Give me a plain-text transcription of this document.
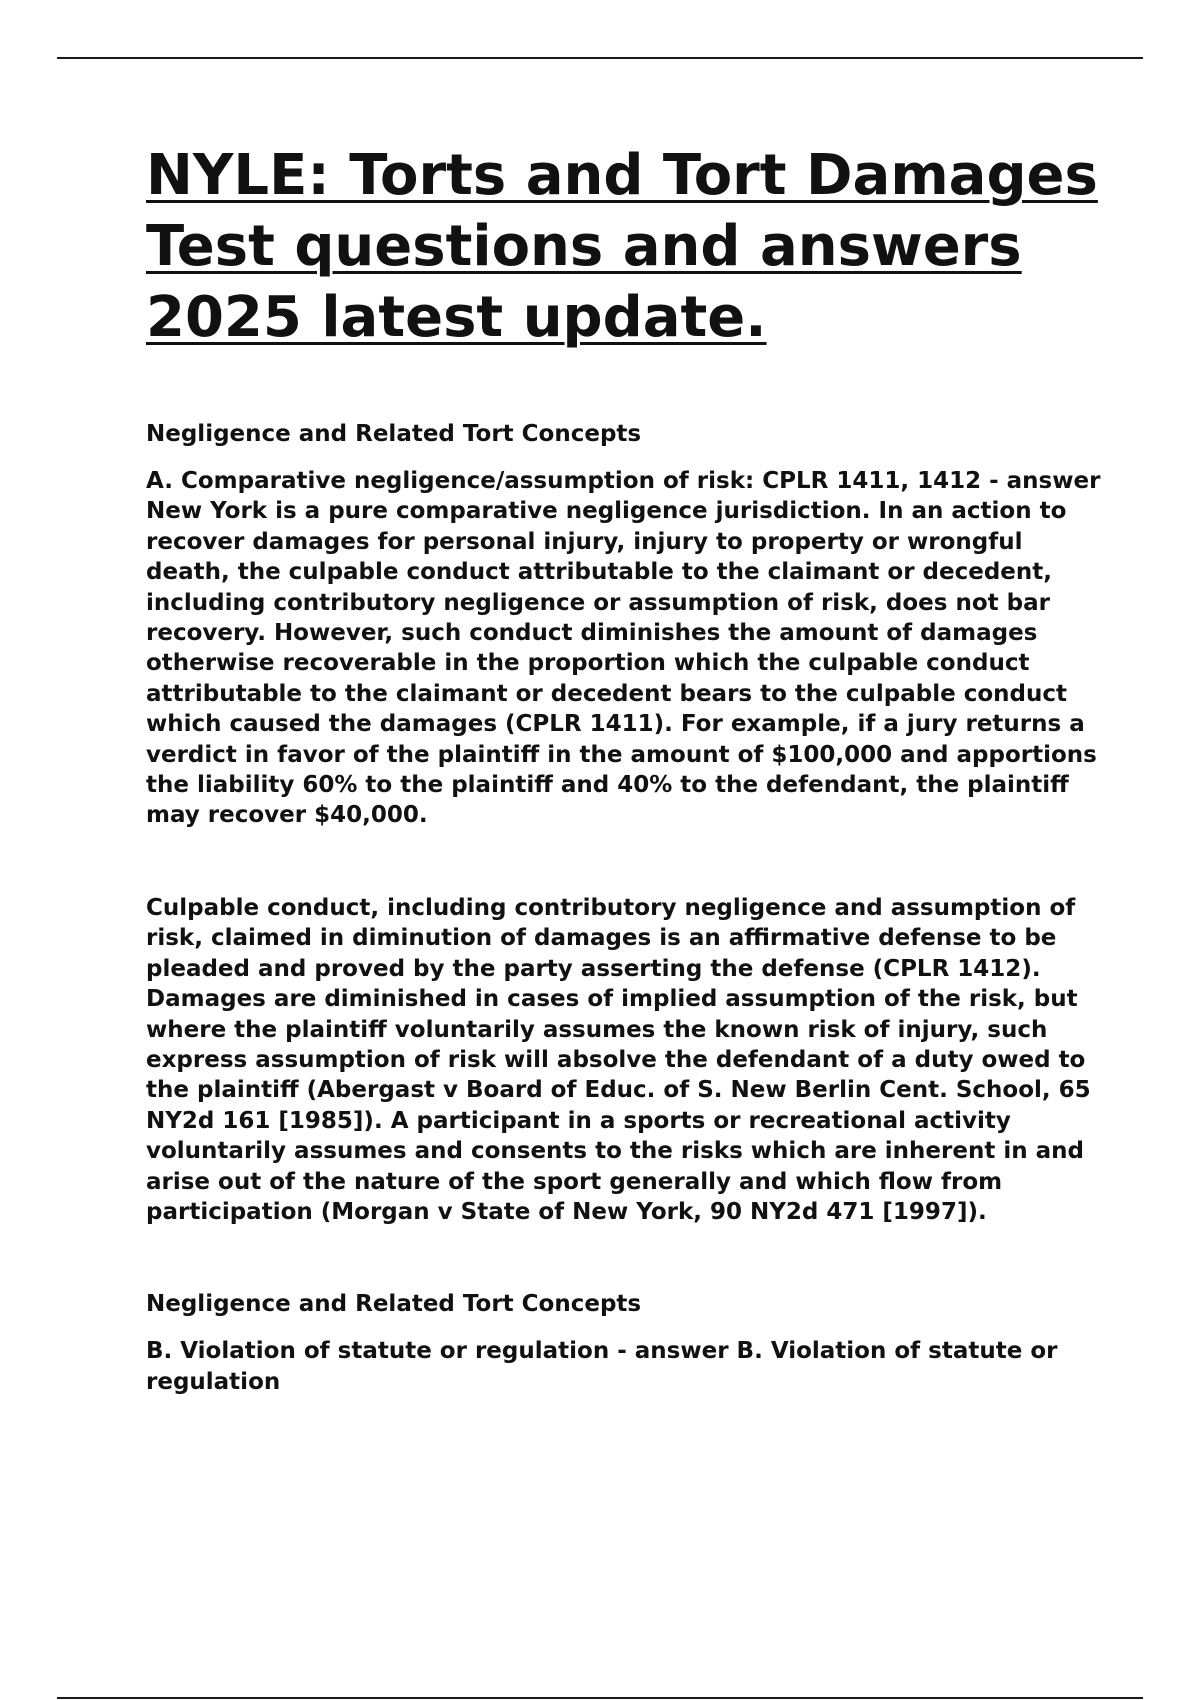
NYLE: Torts and Tort Damages Test questions and answers 2025 latest update.

Negligence and Related Tort Concepts

A. Comparative negligence/assumption of risk: CPLR 1411, 1412 - answer New York is a pure comparative negligence jurisdiction. In an action to recover damages for personal injury, injury to property or wrongful death, the culpable conduct attributable to the claimant or decedent, including contributory negligence or assumption of risk, does not bar recovery. However, such conduct diminishes the amount of damages otherwise recoverable in the proportion which the culpable conduct attributable to the claimant or decedent bears to the culpable conduct which caused the damages (CPLR 1411). For example, if a jury returns a verdict in favor of the plaintiff in the amount of $100,000 and apportions the liability 60% to the plaintiff and 40% to the defendant, the plaintiff may recover $40,000.

Culpable conduct, including contributory negligence and assumption of risk, claimed in diminution of damages is an affirmative defense to be pleaded and proved by the party asserting the defense (CPLR 1412). Damages are diminished in cases of implied assumption of the risk, but where the plaintiff voluntarily assumes the known risk of injury, such express assumption of risk will absolve the defendant of a duty owed to the plaintiff (Abergast v Board of Educ. of S. New Berlin Cent. School, 65 NY2d 161 [1985]). A participant in a sports or recreational activity voluntarily assumes and consents to the risks which are inherent in and arise out of the nature of the sport generally and which flow from participation (Morgan v State of New York, 90 NY2d 471 [1997]).

Negligence and Related Tort Concepts

B. Violation of statute or regulation - answer B. Violation of statute or regulation
